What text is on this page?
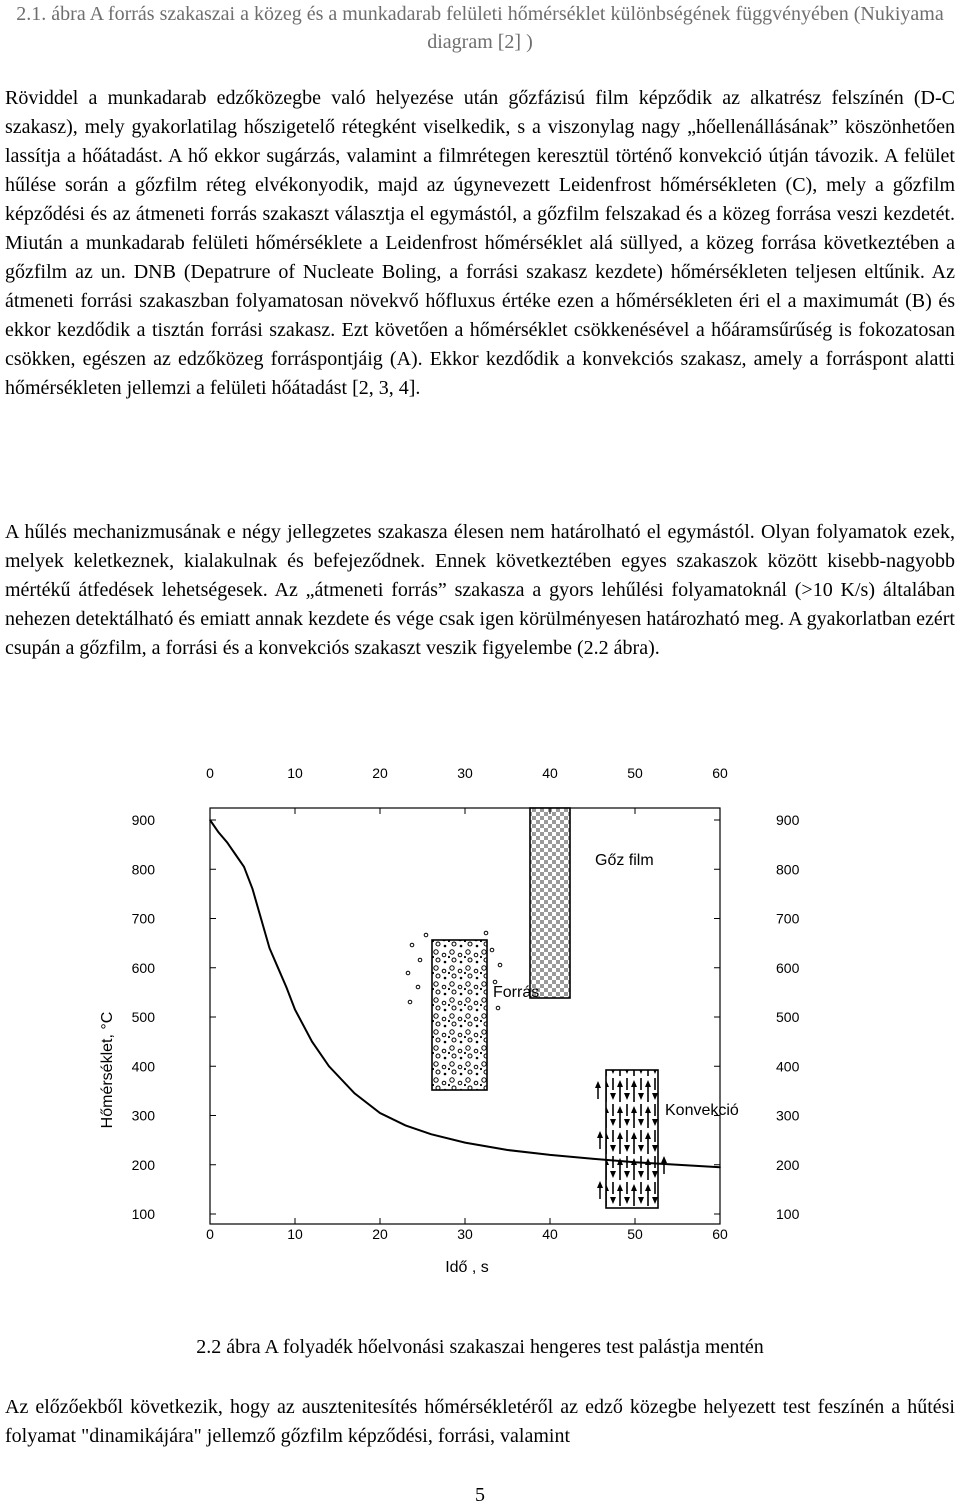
2.1. ábra A forrás szakaszai a közeg és a munkadarab felületi hőmérséklet különbségének függvényében (Nukiyama diagram [2] )

Röviddel a munkadarab edzőközegbe való helyezése után gőzfázisú film képződik az alkatrész felszínén (D-C szakasz), mely gyakorlatilag hőszigetelő rétegként viselkedik, s a viszonylag nagy „hőellenállásának” köszönhetően lassítja a hőátadást. A hő ekkor sugárzás, valamint a filmrétegen keresztül történő konvekció útján távozik. A felület hűlése során a gőzfilm réteg elvékonyodik, majd az úgynevezett Leidenfrost hőmérsékleten (C), mely a gőzfilm képződési és az átmeneti forrás szakaszt választja el egymástól, a gőzfilm felszakad és a közeg forrása veszi kezdetét. Miután a munkadarab felületi hőmérséklete a Leidenfrost hőmérséklet alá süllyed, a közeg forrása következtében a gőzfilm az un. DNB (Depatrure of Nucleate Boling, a forrási szakasz kezdete) hőmérsékleten teljesen eltűnik. Az átmeneti forrási szakaszban folyamatosan növekvő hőfluxus értéke ezen a hőmérsékleten éri el a maximumát (B) és ekkor kezdődik a tisztán forrási szakasz. Ezt követően a hőmérséklet csökkenésével a hőáramsűrűség is fokozatosan csökken, egészen az edzőközeg forráspontjáig (A). Ekkor kezdődik a konvekciós szakasz, amely a forráspont alatti hőmérsékleten jellemzi a felületi hőátadást [2, 3, 4].

A hűlés mechanizmusának e négy jellegzetes szakasza élesen nem határolható el egymástól. Olyan folyamatok ezek, melyek keletkeznek, kialakulnak és befejeződnek. Ennek következtében egyes szakaszok között kisebb-nagyobb mértékű átfedések lehetségesek. Az „átmeneti forrás” szakasza a gyors lehűlési folyamatoknál (>10 K/s) általában nehezen detektálható és emiatt annak kezdete és vége csak igen körülményesen határozható meg. A gyakorlatban ezért csupán a gőzfilm, a forrási és a konvekciós szakaszt veszik figyelembe (2.2 ábra).

Gőz film
Forrás
Konvekció
0
0
10
10
20
20
30
30
40
40
50
50
60
60
100	100
200	200
300	300
400	400
500	500
600	600
700	700
800	800
900	900
Idő , s
Hőmérséklet, °C
2.2 ábra A folyadék hőelvonási szakaszai hengeres test palástja mentén

Az előzőekből következik, hogy az ausztenitesítés hőmérsékletéről az edző közegbe helyezett test feszínén a hűtési folyamat "dinamikájára" jellemző gőzfilm képződési, forrási, valamint

5
